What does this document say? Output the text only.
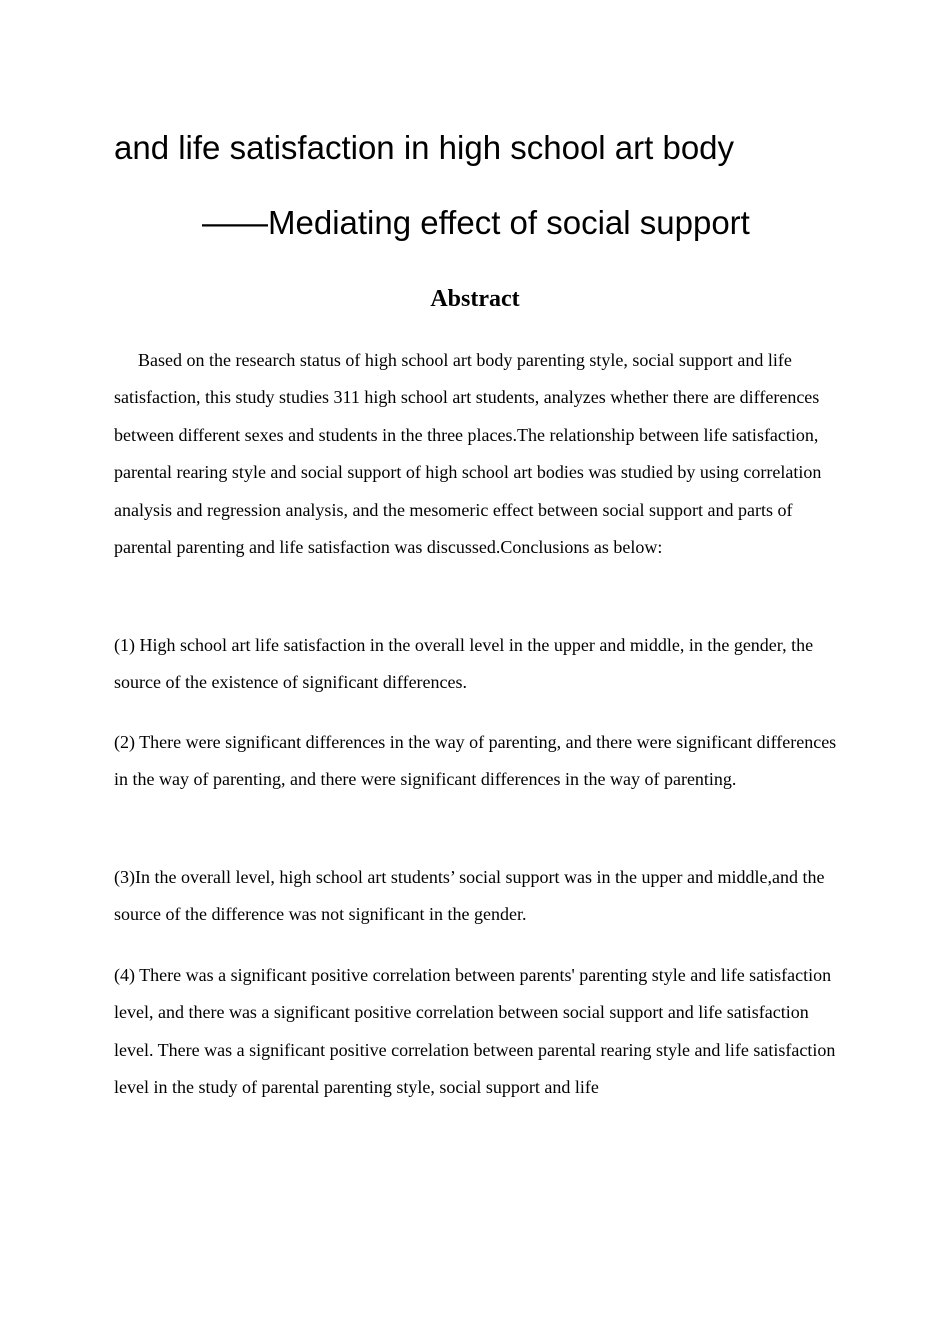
and life satisfaction in high school art body
——Mediating effect of social support
Abstract

Based on the research status of high school art body parenting style, social support and life satisfaction, this study studies 311 high school art students, analyzes whether there are differences between different sexes and students in the three places.The relationship between life satisfaction, parental rearing style and social support of high school art bodies was studied by using correlation analysis and regression analysis, and the mesomeric effect between social support and parts of parental parenting and life satisfaction was discussed.Conclusions as below:

(1) High school art life satisfaction in the overall level in the upper and middle, in the gender, the source of the existence of significant differences.

(2) There were significant differences in the way of parenting, and there were significant differences in the way of parenting, and there were significant differences in the way of parenting.

(3)In the overall level, high school art students’ social support was in the upper and middle,and the source of the difference was not significant in the gender.

(4) There was a significant positive correlation between parents' parenting style and life satisfaction level, and there was a significant positive correlation between social support and life satisfaction level. There was a significant positive correlation between parental rearing style and life satisfaction level in the study of parental parenting style, social support and life
